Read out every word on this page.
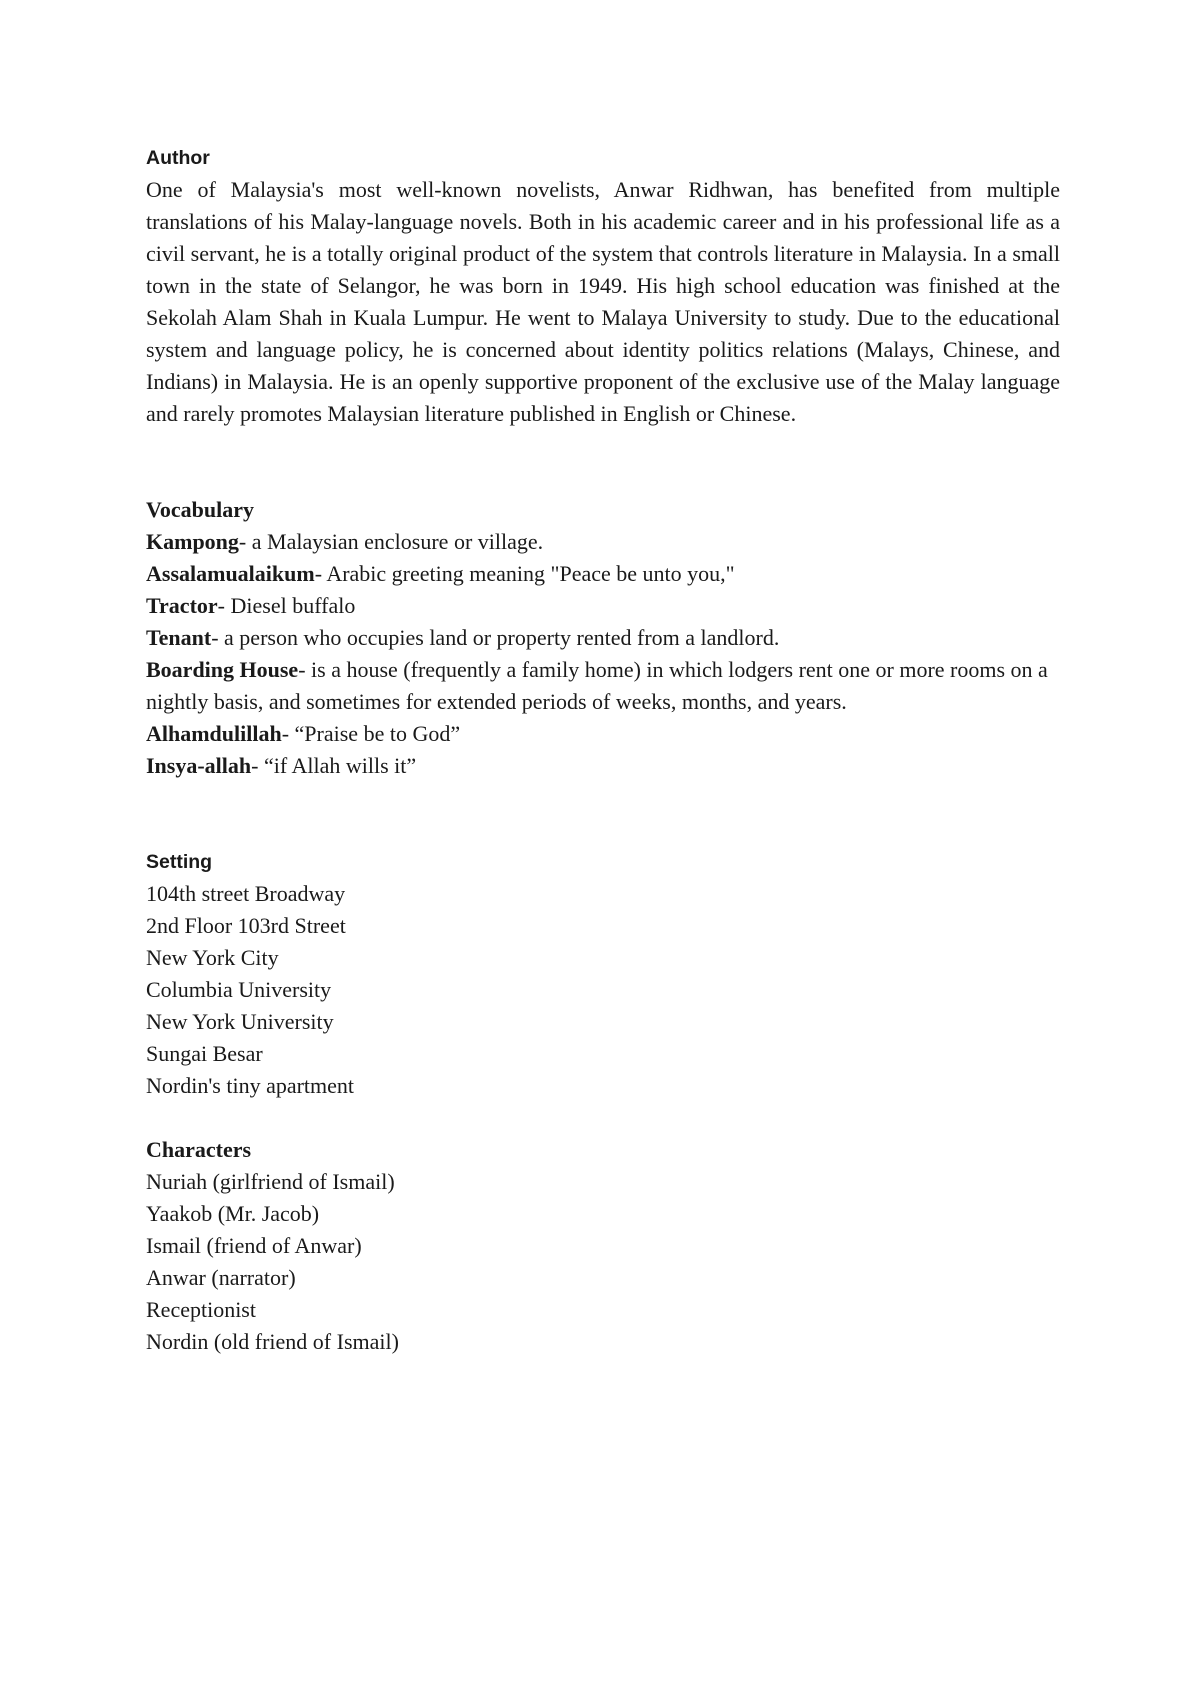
Author

One of Malaysia's most well-known novelists, Anwar Ridhwan, has benefited from multiple translations of his Malay-language novels. Both in his academic career and in his professional life as a civil servant, he is a totally original product of the system that controls literature in Malaysia. In a small town in the state of Selangor, he was born in 1949. His high school education was finished at the Sekolah Alam Shah in Kuala Lumpur. He went to Malaya University to study. Due to the educational system and language policy, he is concerned about identity politics relations (Malays, Chinese, and Indians) in Malaysia. He is an openly supportive proponent of the exclusive use of the Malay language and rarely promotes Malaysian literature published in English or Chinese.

Vocabulary

Kampong- a Malaysian enclosure or village.

Assalamualaikum- Arabic greeting meaning "Peace be unto you,"

Tractor- Diesel buffalo

Tenant- a person who occupies land or property rented from a landlord.

Boarding House- is a house (frequently a family home) in which lodgers rent one or more rooms on a nightly basis, and sometimes for extended periods of weeks, months, and years.

Alhamdulillah- “Praise be to God”

Insya-allah- “if Allah wills it”

Setting

104th street Broadway

2nd Floor 103rd Street

New York City

Columbia University

New York University

Sungai Besar

Nordin's tiny apartment

Characters

Nuriah (girlfriend of Ismail)

Yaakob (Mr. Jacob)

Ismail (friend of Anwar)

Anwar (narrator)

Receptionist

Nordin (old friend of Ismail)
